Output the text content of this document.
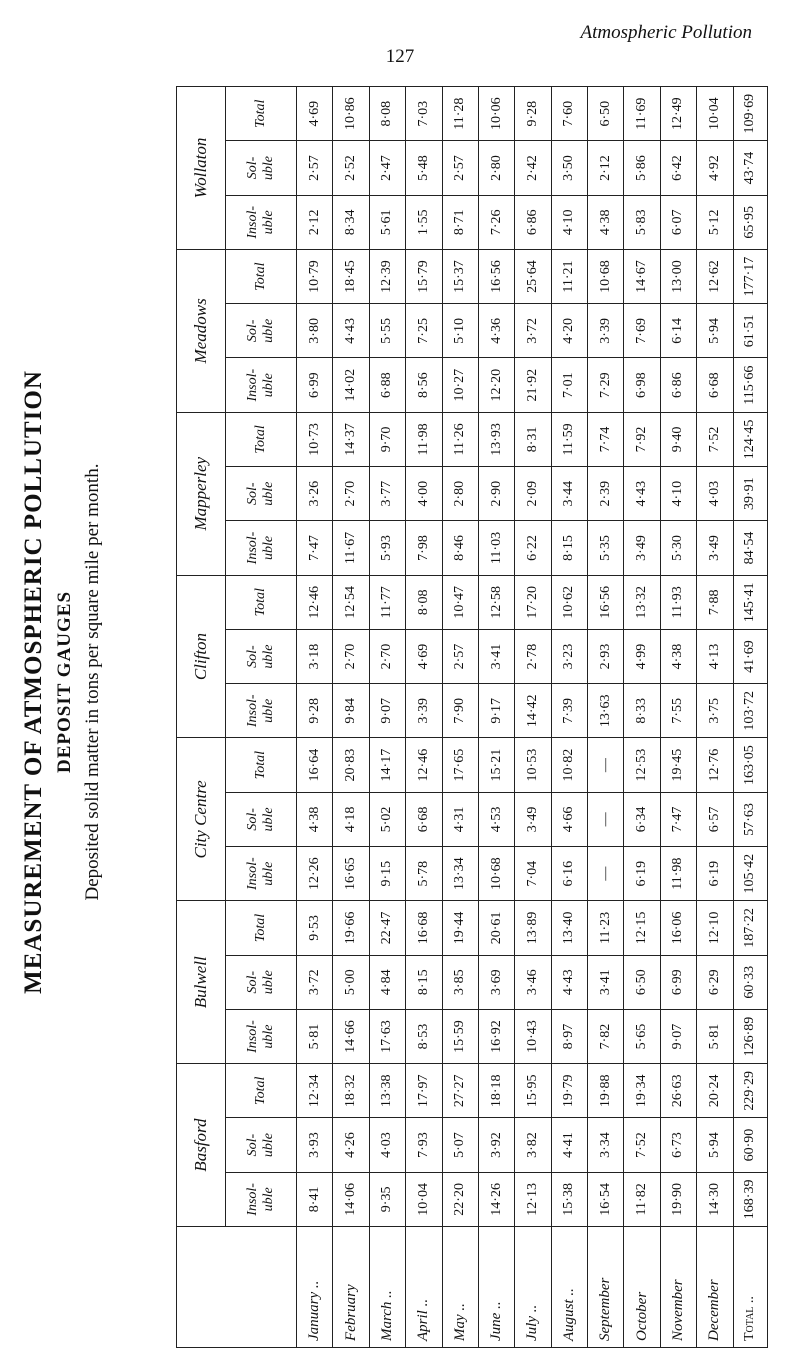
Atmospheric Pollution
127
MEASUREMENT OF ATMOSPHERIC POLLUTION DEPOSIT GAUGES Deposited solid matter in tons per square mile per month.
	Basford			Bulwell			City Centre			Clifton			Mapperley			Meadows			Wollaton		
	Insol-
uble	Sol-
uble	Total	Insol-
uble	Sol-
uble	Total	Insol-
uble	Sol-
uble	Total	Insol-
uble	Sol-
uble	Total	Insol-
uble	Sol-
uble	Total	Insol-
uble	Sol-
uble	Total	Insol-
uble	Sol-
uble	Total
January ..	8·41	3·93	12·34	5·81	3·72	9·53	12·26	4·38	16·64	9·28	3·18	12·46	7·47	3·26	10·73	6·99	3·80	10·79	2·12	2·57	4·69
February	14·06	4·26	18·32	14·66	5·00	19·66	16·65	4·18	20·83	9·84	2·70	12·54	11·67	2·70	14·37	14·02	4·43	18·45	8·34	2·52	10·86
March ..	9·35	4·03	13·38	17·63	4·84	22·47	9·15	5·02	14·17	9·07	2·70	11·77	5·93	3·77	9·70	6·88	5·55	12·39	5·61	2·47	8·08
April ..	10·04	7·93	17·97	8·53	8·15	16·68	5·78	6·68	12·46	3·39	4·69	8·08	7·98	4·00	11·98	8·56	7·25	15·79	1·55	5·48	7·03
May ..	22·20	5·07	27·27	15·59	3·85	19·44	13·34	4·31	17·65	7·90	2·57	10·47	8·46	2·80	11·26	10·27	5·10	15·37	8·71	2·57	11·28
June ..	14·26	3·92	18·18	16·92	3·69	20·61	10·68	4·53	15·21	9·17	3·41	12·58	11·03	2·90	13·93	12·20	4·36	16·56	7·26	2·80	10·06
July ..	12·13	3·82	15·95	10·43	3·46	13·89	7·04	3·49	10·53	14·42	2·78	17·20	6·22	2·09	8·31	21·92	3·72	25·64	6·86	2·42	9·28
August ..	15·38	4·41	19·79	8·97	4·43	13·40	6·16	4·66	10·82	7·39	3·23	10·62	8·15	3·44	11·59	7·01	4·20	11·21	4·10	3·50	7·60
September	16·54	3·34	19·88	7·82	3·41	11·23	—	—	—	13·63	2·93	16·56	5·35	2·39	7·74	7·29	3·39	10·68	4·38	2·12	6·50
October	11·82	7·52	19·34	5·65	6·50	12·15	6·19	6·34	12·53	8·33	4·99	13·32	3·49	4·43	7·92	6·98	7·69	14·67	5·83	5·86	11·69
November	19·90	6·73	26·63	9·07	6·99	16·06	11·98	7·47	19·45	7·55	4·38	11·93	5·30	4·10	9·40	6·86	6·14	13·00	6·07	6·42	12·49
December	14·30	5·94	20·24	5·81	6·29	12·10	6·19	6·57	12·76	3·75	4·13	7·88	3·49	4·03	7·52	6·68	5·94	12·62	5·12	4·92	10·04
Total ..	168·39	60·90	229·29	126·89	60·33	187·22	105·42	57·63	163·05	103·72	41·69	145·41	84·54	39·91	124·45	115·66	61·51	177·17	65·95	43·74	109·69
